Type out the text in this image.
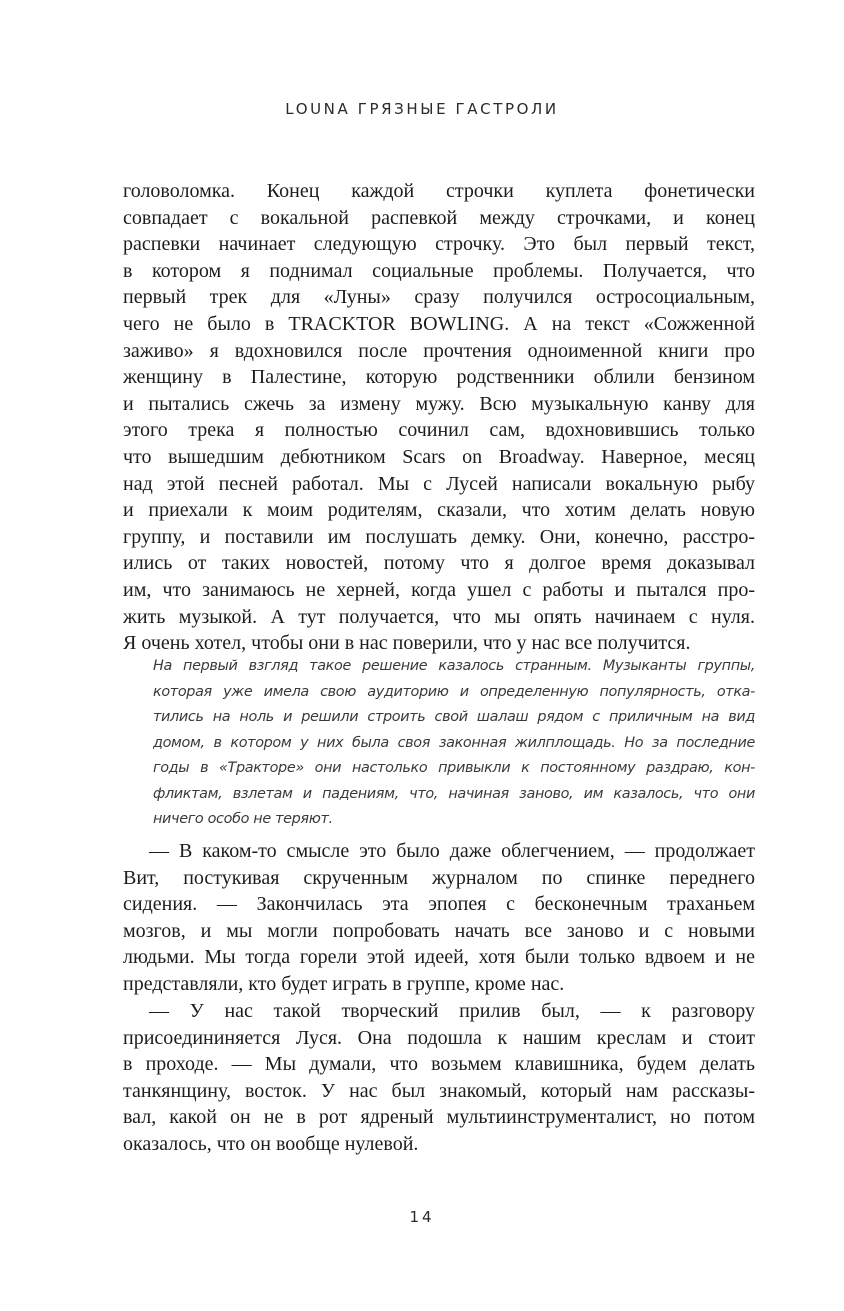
LOUNA ГРЯЗНЫЕ ГАСТРОЛИ
головоломка. Конец каждой строчки куплета фонетически
совпадает с вокальной распевкой между строчками, и конец
распевки начинает следующую строчку. Это был первый текст,
в котором я поднимал социальные проблемы. Получается, что
первый трек для «Луны» сразу получился остросоциальным,
чего не было в TRACKTOR BOWLING. А на текст «Сожженной
заживо» я вдохновился после прочтения одноименной книги про
женщину в Палестине, которую родственники облили бензином
и пытались сжечь за измену мужу. Всю музыкальную канву для
этого трека я полностью сочинил сам, вдохновившись только
что вышедшим дебютником Scars on Broadway. Наверное, месяц
над этой песней работал. Мы с Лусей написали вокальную рыбу
и приехали к моим родителям, сказали, что хотим делать новую
группу, и поставили им послушать демку. Они, конечно, расстро-
ились от таких новостей, потому что я долгое время доказывал
им, что занимаюсь не херней, когда ушел с работы и пытался про-
жить музыкой. А тут получается, что мы опять начинаем с нуля.
Я очень хотел, чтобы они в нас поверили, что у нас все получится.
На первый взгляд такое решение казалось странным. Музыканты группы,
которая уже имела свою аудиторию и определенную популярность, отка-
тились на ноль и решили строить свой шалаш рядом с приличным на вид
домом, в котором у них была своя законная жилплощадь. Но за последние
годы в «Тракторе» они настолько привыкли к постоянному раздраю, кон-
фликтам, взлетам и падениям, что, начиная заново, им казалось, что они
ничего особо не теряют.
— В каком-то смысле это было даже облегчением, — продолжает
Вит, постукивая скрученным журналом по спинке переднего
сидения. — Закончилась эта эпопея с бесконечным траханьем
мозгов, и мы могли попробовать начать все заново и с новыми
людьми. Мы тогда горели этой идеей, хотя были только вдвоем и не
представляли, кто будет играть в группе, кроме нас.
— У нас такой творческий прилив был, — к разговору
присоедининяется Луся. Она подошла к нашим креслам и стоит
в проходе. — Мы думали, что возьмем клавишника, будем делать
танкянщину, восток. У нас был знакомый, который нам рассказы-
вал, какой он не в рот ядреный мультиинструменталист, но потом
оказалось, что он вообще нулевой.
14
